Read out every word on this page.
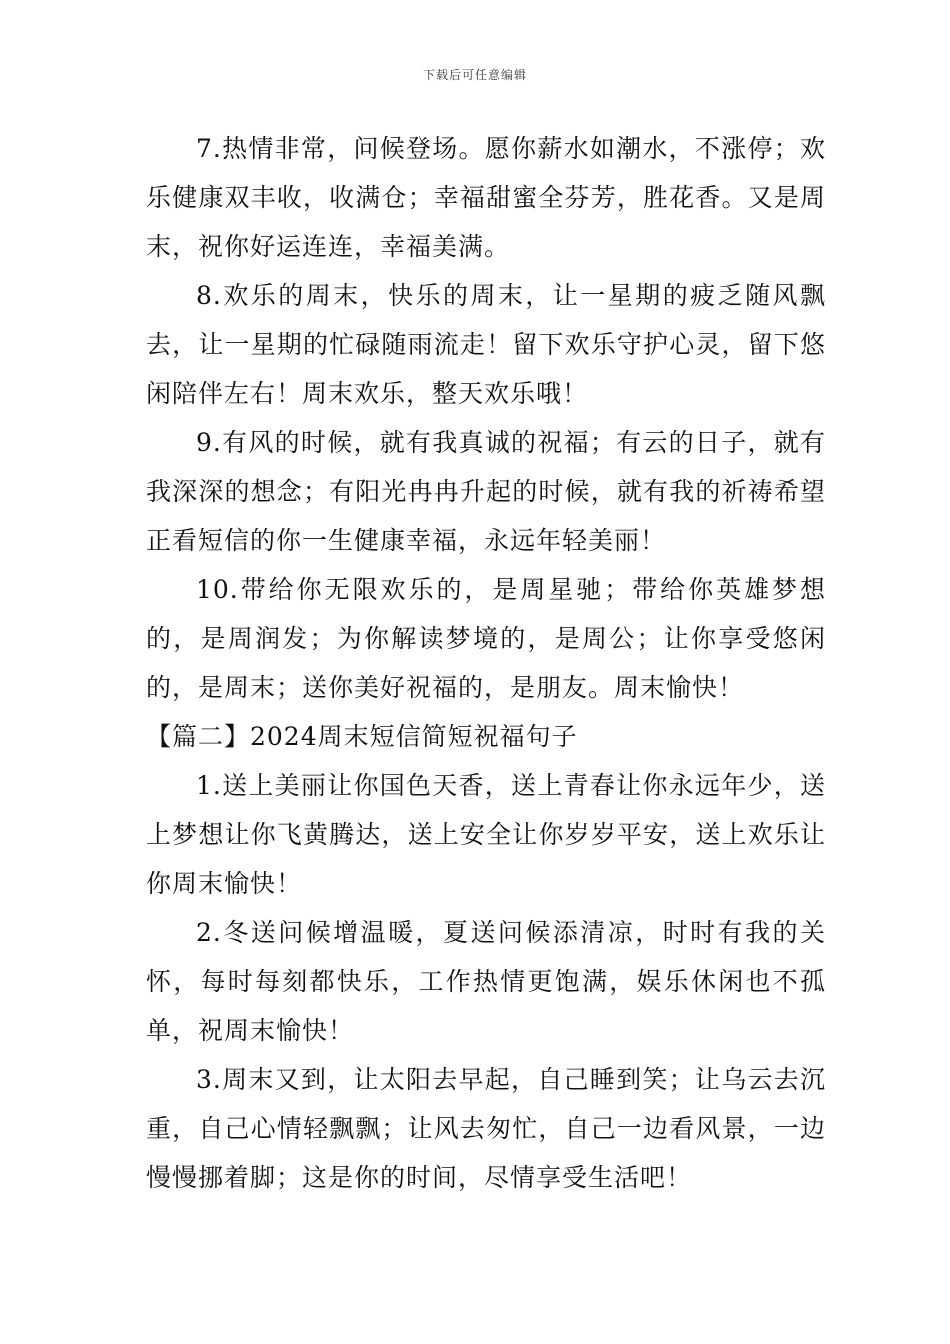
下载后可任意编辑

7.热情非常，问候登场。愿你薪水如潮水，不涨停；欢乐健康双丰收，收满仓；幸福甜蜜全芬芳，胜花香。又是周末，祝你好运连连，幸福美满。

8.欢乐的周末，快乐的周末，让一星期的疲乏随风飘去，让一星期的忙碌随雨流走！留下欢乐守护心灵，留下悠闲陪伴左右！周末欢乐，整天欢乐哦！

9.有风的时候，就有我真诚的祝福；有云的日子，就有我深深的想念；有阳光冉冉升起的时候，就有我的祈祷希望正看短信的你一生健康幸福，永远年轻美丽！

10.带给你无限欢乐的，是周星驰；带给你英雄梦想的，是周润发；为你解读梦境的，是周公；让你享受悠闲的，是周末；送你美好祝福的，是朋友。周末愉快！

【篇二】2024周末短信简短祝福句子

1.送上美丽让你国色天香，送上青春让你永远年少，送上梦想让你飞黄腾达，送上安全让你岁岁平安，送上欢乐让你周末愉快！

2.冬送问候增温暖，夏送问候添清凉，时时有我的关怀，每时每刻都快乐，工作热情更饱满，娱乐休闲也不孤单，祝周末愉快！

3.周末又到，让太阳去早起，自己睡到笑；让乌云去沉重，自己心情轻飘飘；让风去匆忙，自己一边看风景，一边慢慢挪着脚；这是你的时间，尽情享受生活吧！
